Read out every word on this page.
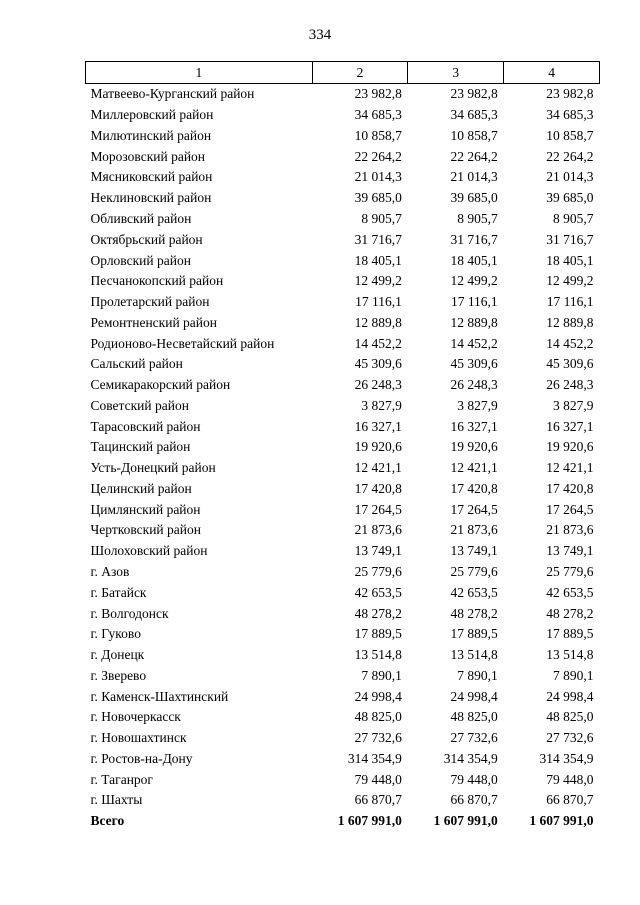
334
1	2	3	4
Матвеево-Курганский район	23 982,8	23 982,8	23 982,8
Миллеровский район	34 685,3	34 685,3	34 685,3
Милютинский район	10 858,7	10 858,7	10 858,7
Морозовский район	22 264,2	22 264,2	22 264,2
Мясниковский район	21 014,3	21 014,3	21 014,3
Неклиновский район	39 685,0	39 685,0	39 685,0
Обливский район	8 905,7	8 905,7	8 905,7
Октябрьский район	31 716,7	31 716,7	31 716,7
Орловский район	18 405,1	18 405,1	18 405,1
Песчанокопский район	12 499,2	12 499,2	12 499,2
Пролетарский район	17 116,1	17 116,1	17 116,1
Ремонтненский район	12 889,8	12 889,8	12 889,8
Родионово-Несветайский район	14 452,2	14 452,2	14 452,2
Сальский район	45 309,6	45 309,6	45 309,6
Семикаракорский район	26 248,3	26 248,3	26 248,3
Советский район	3 827,9	3 827,9	3 827,9
Тарасовский район	16 327,1	16 327,1	16 327,1
Тацинский район	19 920,6	19 920,6	19 920,6
Усть-Донецкий район	12 421,1	12 421,1	12 421,1
Целинский район	17 420,8	17 420,8	17 420,8
Цимлянский район	17 264,5	17 264,5	17 264,5
Чертковский район	21 873,6	21 873,6	21 873,6
Шолоховский район	13 749,1	13 749,1	13 749,1
г. Азов	25 779,6	25 779,6	25 779,6
г. Батайск	42 653,5	42 653,5	42 653,5
г. Волгодонск	48 278,2	48 278,2	48 278,2
г. Гуково	17 889,5	17 889,5	17 889,5
г. Донецк	13 514,8	13 514,8	13 514,8
г. Зверево	7 890,1	7 890,1	7 890,1
г. Каменск-Шахтинский	24 998,4	24 998,4	24 998,4
г. Новочеркасск	48 825,0	48 825,0	48 825,0
г. Новошахтинск	27 732,6	27 732,6	27 732,6
г. Ростов-на-Дону	314 354,9	314 354,9	314 354,9
г. Таганрог	79 448,0	79 448,0	79 448,0
г. Шахты	66 870,7	66 870,7	66 870,7
Всего	1 607 991,0	1 607 991,0	1 607 991,0
